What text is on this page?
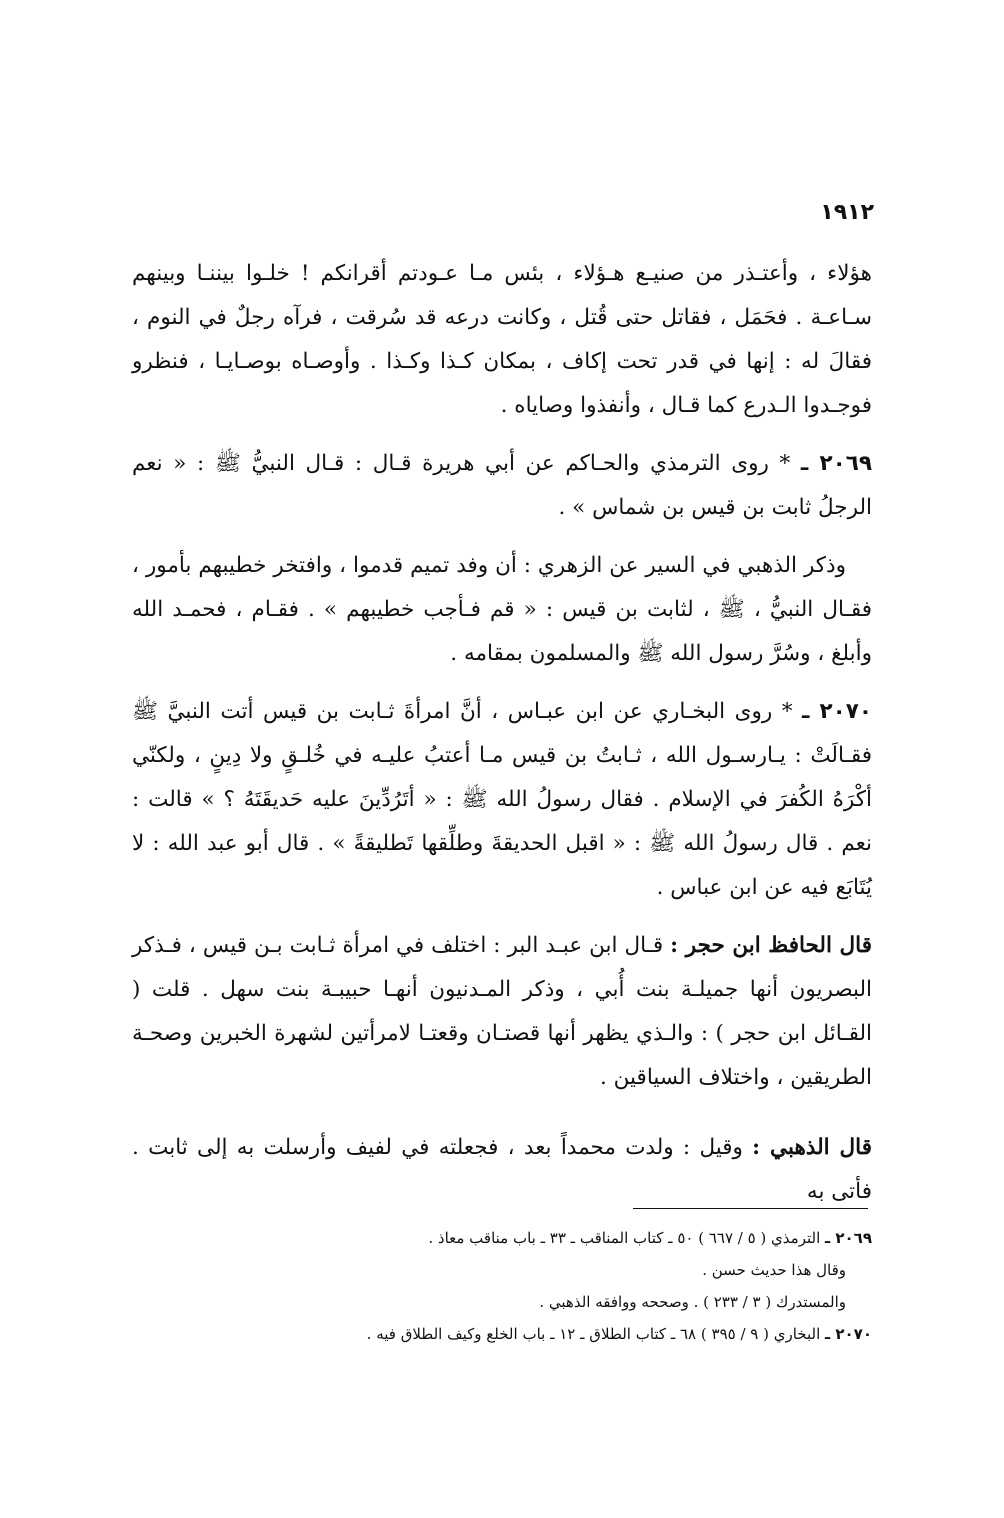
١٩١٢

هؤلاء ، وأعتـذر من صنيـع هـؤلاء ، بئس مـا عـودتم أقرانكم ! خلـوا بيننـا وبينهم سـاعـة . فحَمَل ، فقاتل حتى قُتل ، وكانت درعه قد سُرقت ، فرآه رجلٌ في النوم ، فقالَ له : إنها في قدر تحت إكاف ، بمكان كـذا وكـذا . وأوصـاه بوصـايـا ، فنظرو فوجـدوا الـدرع كما قـال ، وأنفذوا وصاياه .

٢٠٦٩ ـ * روى الترمذي والحـاكم عن أبي هريرة قـال : قـال النبيُّ ﷺ : « نعم الرجلُ ثابت بن قيس بن شماس » .

وذكر الذهبي في السير عن الزهري : أن وفد تميم قدموا ، وافتخر خطيبهم بأمور ، فقـال النبيُّ ، ﷺ ، لثابت بن قيس : « قم فـأجب خطيبهم » . فقـام ، فحمـد الله وأبلغ ، وسُرَّ رسول الله ﷺ والمسلمون بمقامه .

٢٠٧٠ ـ * روى البخـاري عن ابن عبـاس ، أنَّ امرأةَ ثـابت بن قيس أتت النبيَّ ﷺ فقـالَتْ : يـارسـول الله ، ثـابتُ بن قيس مـا أعتبُ عليـه في خُلـقٍ ولا دِينٍ ، ولكنّي أكْرَهُ الكُفرَ في الإسلام . فقال رسولُ الله ﷺ : « أتَرُدِّينَ عليه حَديقَتَهُ ؟ » قالت : نعم . قال رسولُ الله ﷺ : « اقبل الحديقةَ وطلِّقها تَطليقةً » . قال أبو عبد الله : لا يُتَابَع فيه عن ابن عباس .

قال الحافظ ابن حجر : قـال ابن عبـد البر : اختلف في امرأة ثـابت بـن قيس ، فـذكر البصريون أنها جميلـة بنت أُبي ، وذكر المـدنيون أنهـا حبيبـة بنت سهل . قلت ( القـائل ابن حجر ) : والـذي يظهر أنها قصتـان وقعتـا لامرأتين لشهرة الخبرين وصحـة الطريقين ، واختلاف السياقين .

قال الذهبي : وقيل : ولدت محمداً بعد ، فجعلته في لفيف وأرسلت به إلى ثابت . فأتى به

٢٠٦٩ ـ الترمذي ( ٥ / ٦٦٧ ) ٥٠ ـ كتاب المناقب ـ ٣٣ ـ باب مناقب معاذ .
وقال هذا حديث حسن .
والمستدرك ( ٣ / ٢٣٣ ) . وصححه ووافقه الذهبي .
٢٠٧٠ ـ البخاري ( ٩ / ٣٩٥ ) ٦٨ ـ كتاب الطلاق ـ ١٢ ـ باب الخلع وكيف الطلاق فيه .
